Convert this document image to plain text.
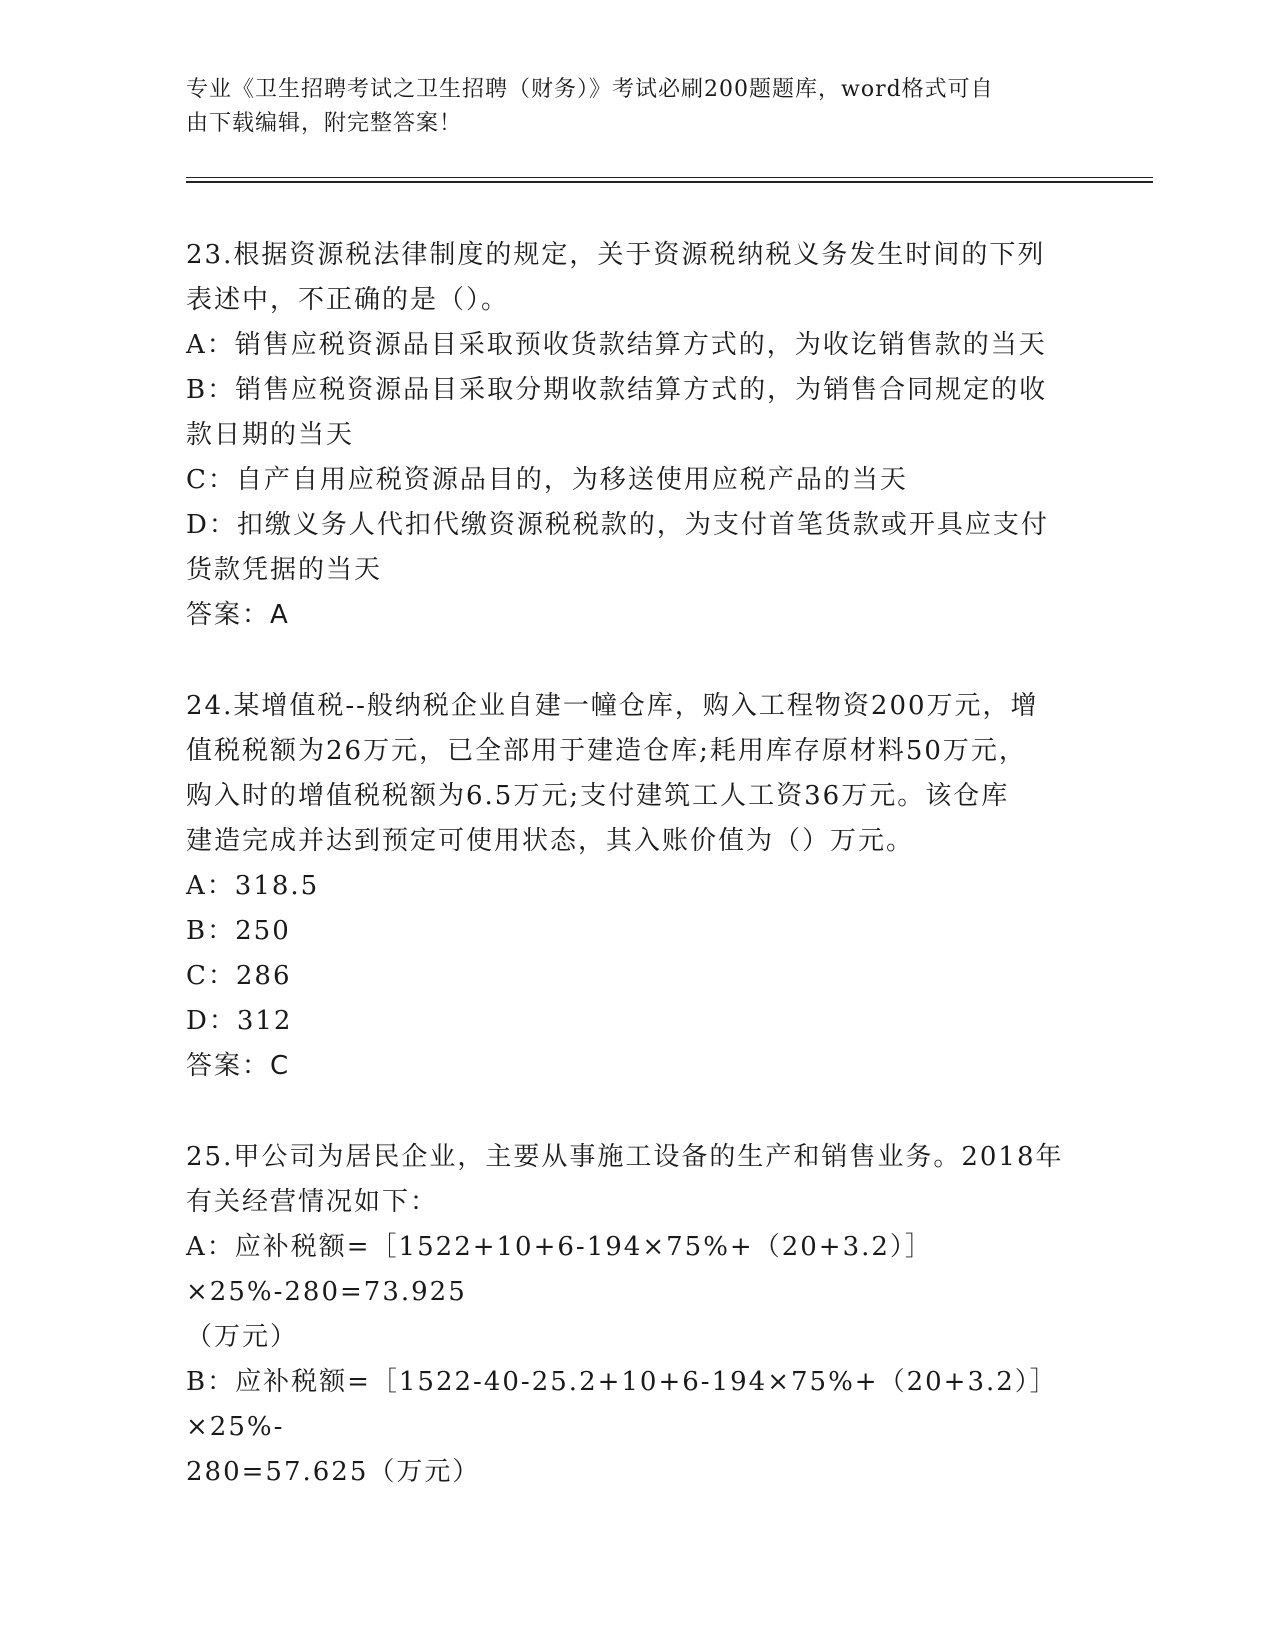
专业《卫生招聘考试之卫生招聘（财务）》考试必刷200题题库，word格式可自
由下载编辑，附完整答案！
23.根据资源税法律制度的规定，关于资源税纳税义务发生时间的下列
表述中，不正确的是（）。
A：销售应税资源品目采取预收货款结算方式的，为收讫销售款的当天
B：销售应税资源品目采取分期收款结算方式的，为销售合同规定的收
款日期的当天
C：自产自用应税资源品目的，为移送使用应税产品的当天
D：扣缴义务人代扣代缴资源税税款的，为支付首笔货款或开具应支付
货款凭据的当天
答案：A
24.某增值税--般纳税企业自建一幢仓库，购入工程物资200万元，增
值税税额为26万元，已全部用于建造仓库;耗用库存原材料50万元，
购入时的增值税税额为6.5万元;支付建筑工人工资36万元。该仓库
建造完成并达到预定可使用状态，其入账价值为（）万元。
A：318.5
B：250
C：286
D：312
答案：C
25.甲公司为居民企业，主要从事施工设备的生产和销售业务。2018年
有关经营情况如下：
A：应补税额=［1522+10+6-194×75%+（20+3.2）］×25%-280=73.925
（万元）
B：应补税额=［1522-40-25.2+10+6-194×75%+（20+3.2）］×25%-
280=57.625（万元）
